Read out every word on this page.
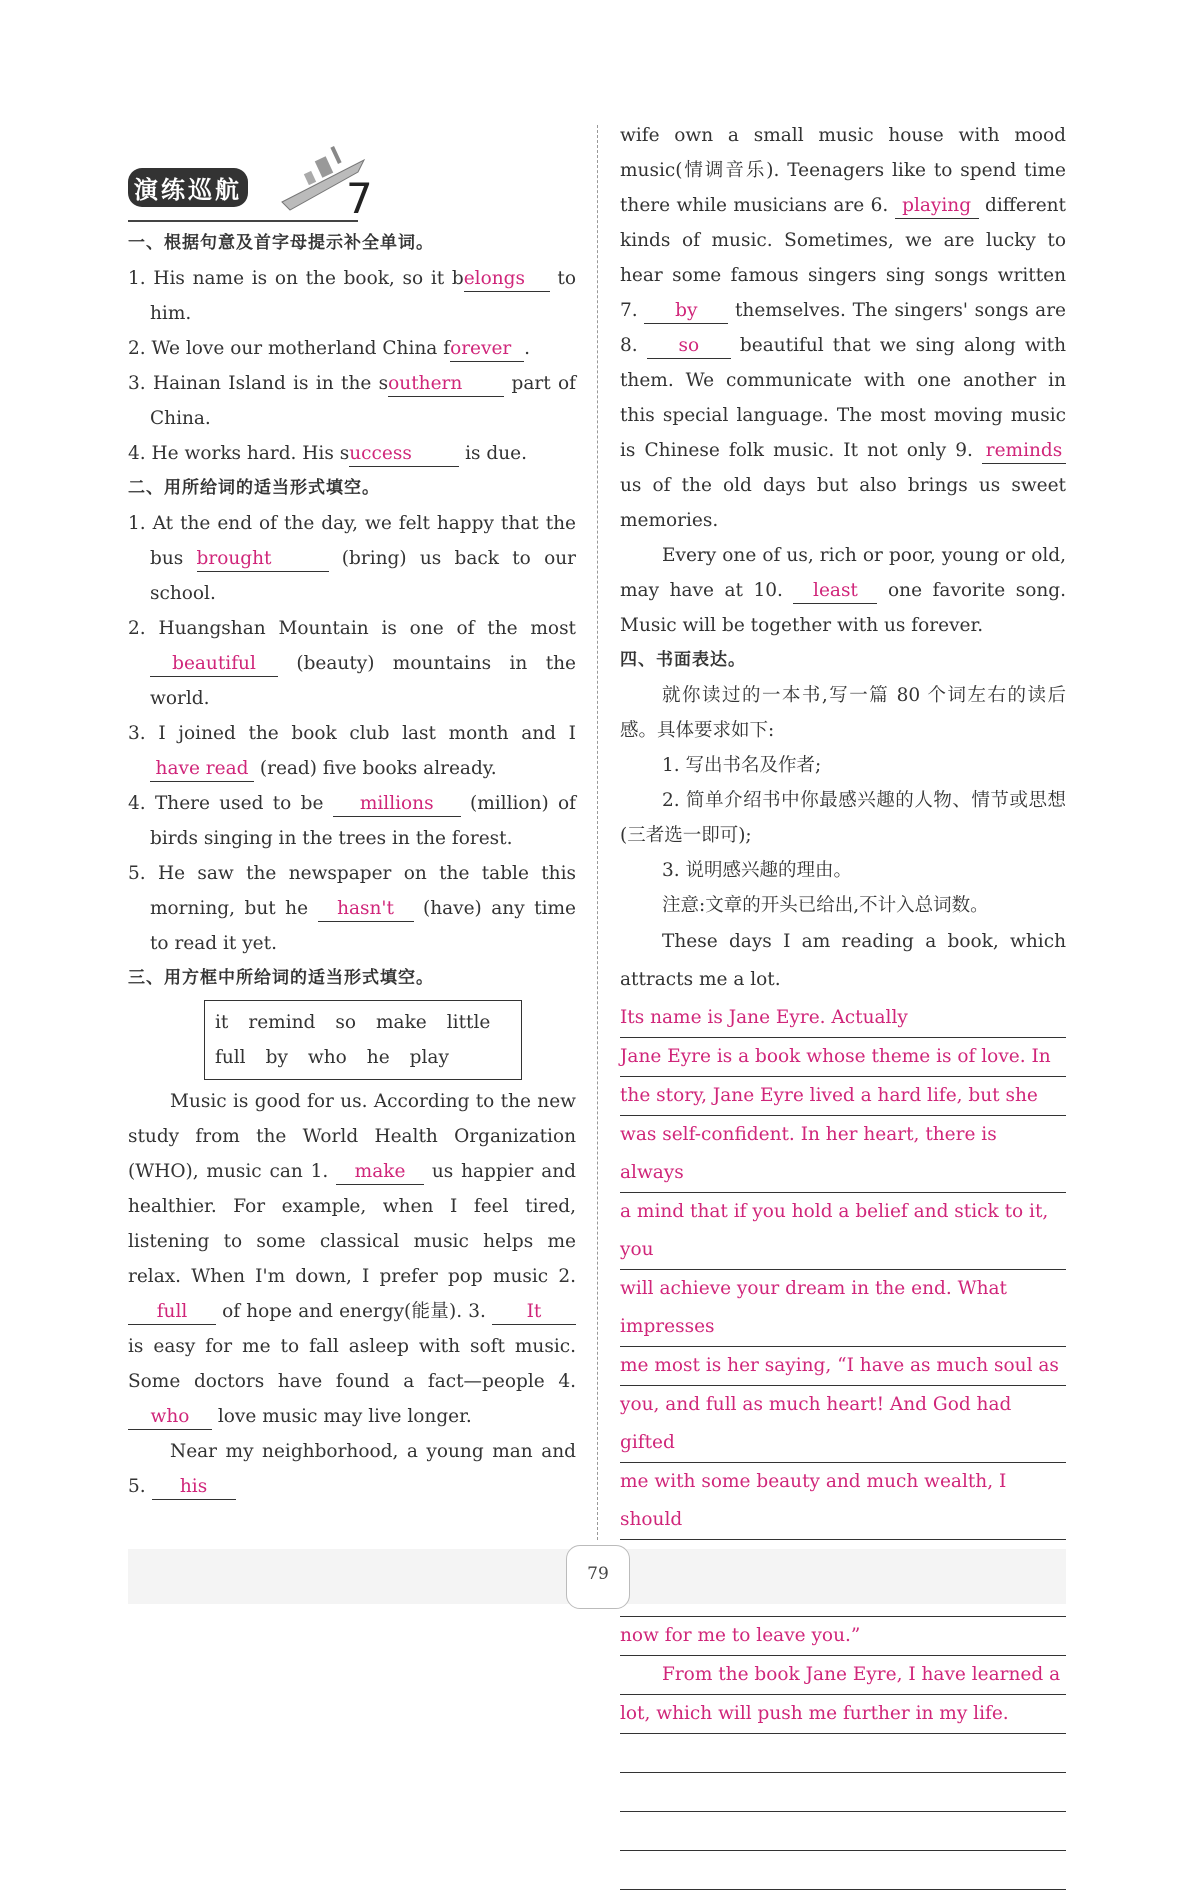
演练巡航 7
一、根据句意及首字母提示补全单词。
1. His name is on the book, so it belongs to him.
2. We love our motherland China forever .
3. Hainan Island is in the southern part of China.
4. He works hard. His success	is due.
二、用所给词的适当形式填空。
1. At the end of the day, we felt happy that the bus brought	(bring) us back to our school.
2. Huangshan Mountain is one of the most beautiful (beauty) mountains in the world.
3. I joined the book club last month and I have read (read) five books already.
4. There used to be millions (million) of birds singing in the trees in the forest.
5. He saw the newspaper on the table this morning, but he hasn't (have) any time to read it yet.
三、用方框中所给词的适当形式填空。
it remind so make little
full by who he play
Music is good for us. According to the new study from the World Health Organization (WHO), music can 1. make us happier and healthier. For example, when I feel tired, listening to some classical music helps me relax. When I'm down, I prefer pop music 2. full of hope and energy(能量). 3. It is easy for me to fall asleep with soft music. Some doctors have found a fact—people 4. who love music may live longer.
Near my neighborhood, a young man and 5. his
wife own a small music house with mood music(情调音乐). Teenagers like to spend time there while musicians are 6. playing different kinds of music. Sometimes, we are lucky to hear some famous singers sing songs written 7. by themselves. The singers' songs are 8. so beautiful that we sing along with them. We communicate with one another in this special language. The most moving music is Chinese folk music. It not only 9. reminds us of the old days but also brings us sweet memories.
Every one of us, rich or poor, young or old, may have at 10. least one favorite song. Music will be together with us forever.
四、书面表达。
就你读过的一本书,写一篇 80 个词左右的读后感。具体要求如下:
1. 写出书名及作者;
2. 简单介绍书中你最感兴趣的人物、情节或思想(三者选一即可);
3. 说明感兴趣的理由。
注意:文章的开头已给出,不计入总词数。
These days I am reading a book, which attracts me a lot.
Its name is Jane Eyre. Actually
Jane Eyre is a book whose theme is of love. In
the story, Jane Eyre lived a hard life, but she
was self-confident. In her heart, there is always
a mind that if you hold a belief and stick to it, you
will achieve your dream in the end. What impresses
me most is her saying, “I have as much soul as
you, and full as much heart! And God had gifted
me with some beauty and much wealth, I should
now for me to leave you.”
From the book Jane Eyre, I have learned a
lot, which will push me further in my life.
79
